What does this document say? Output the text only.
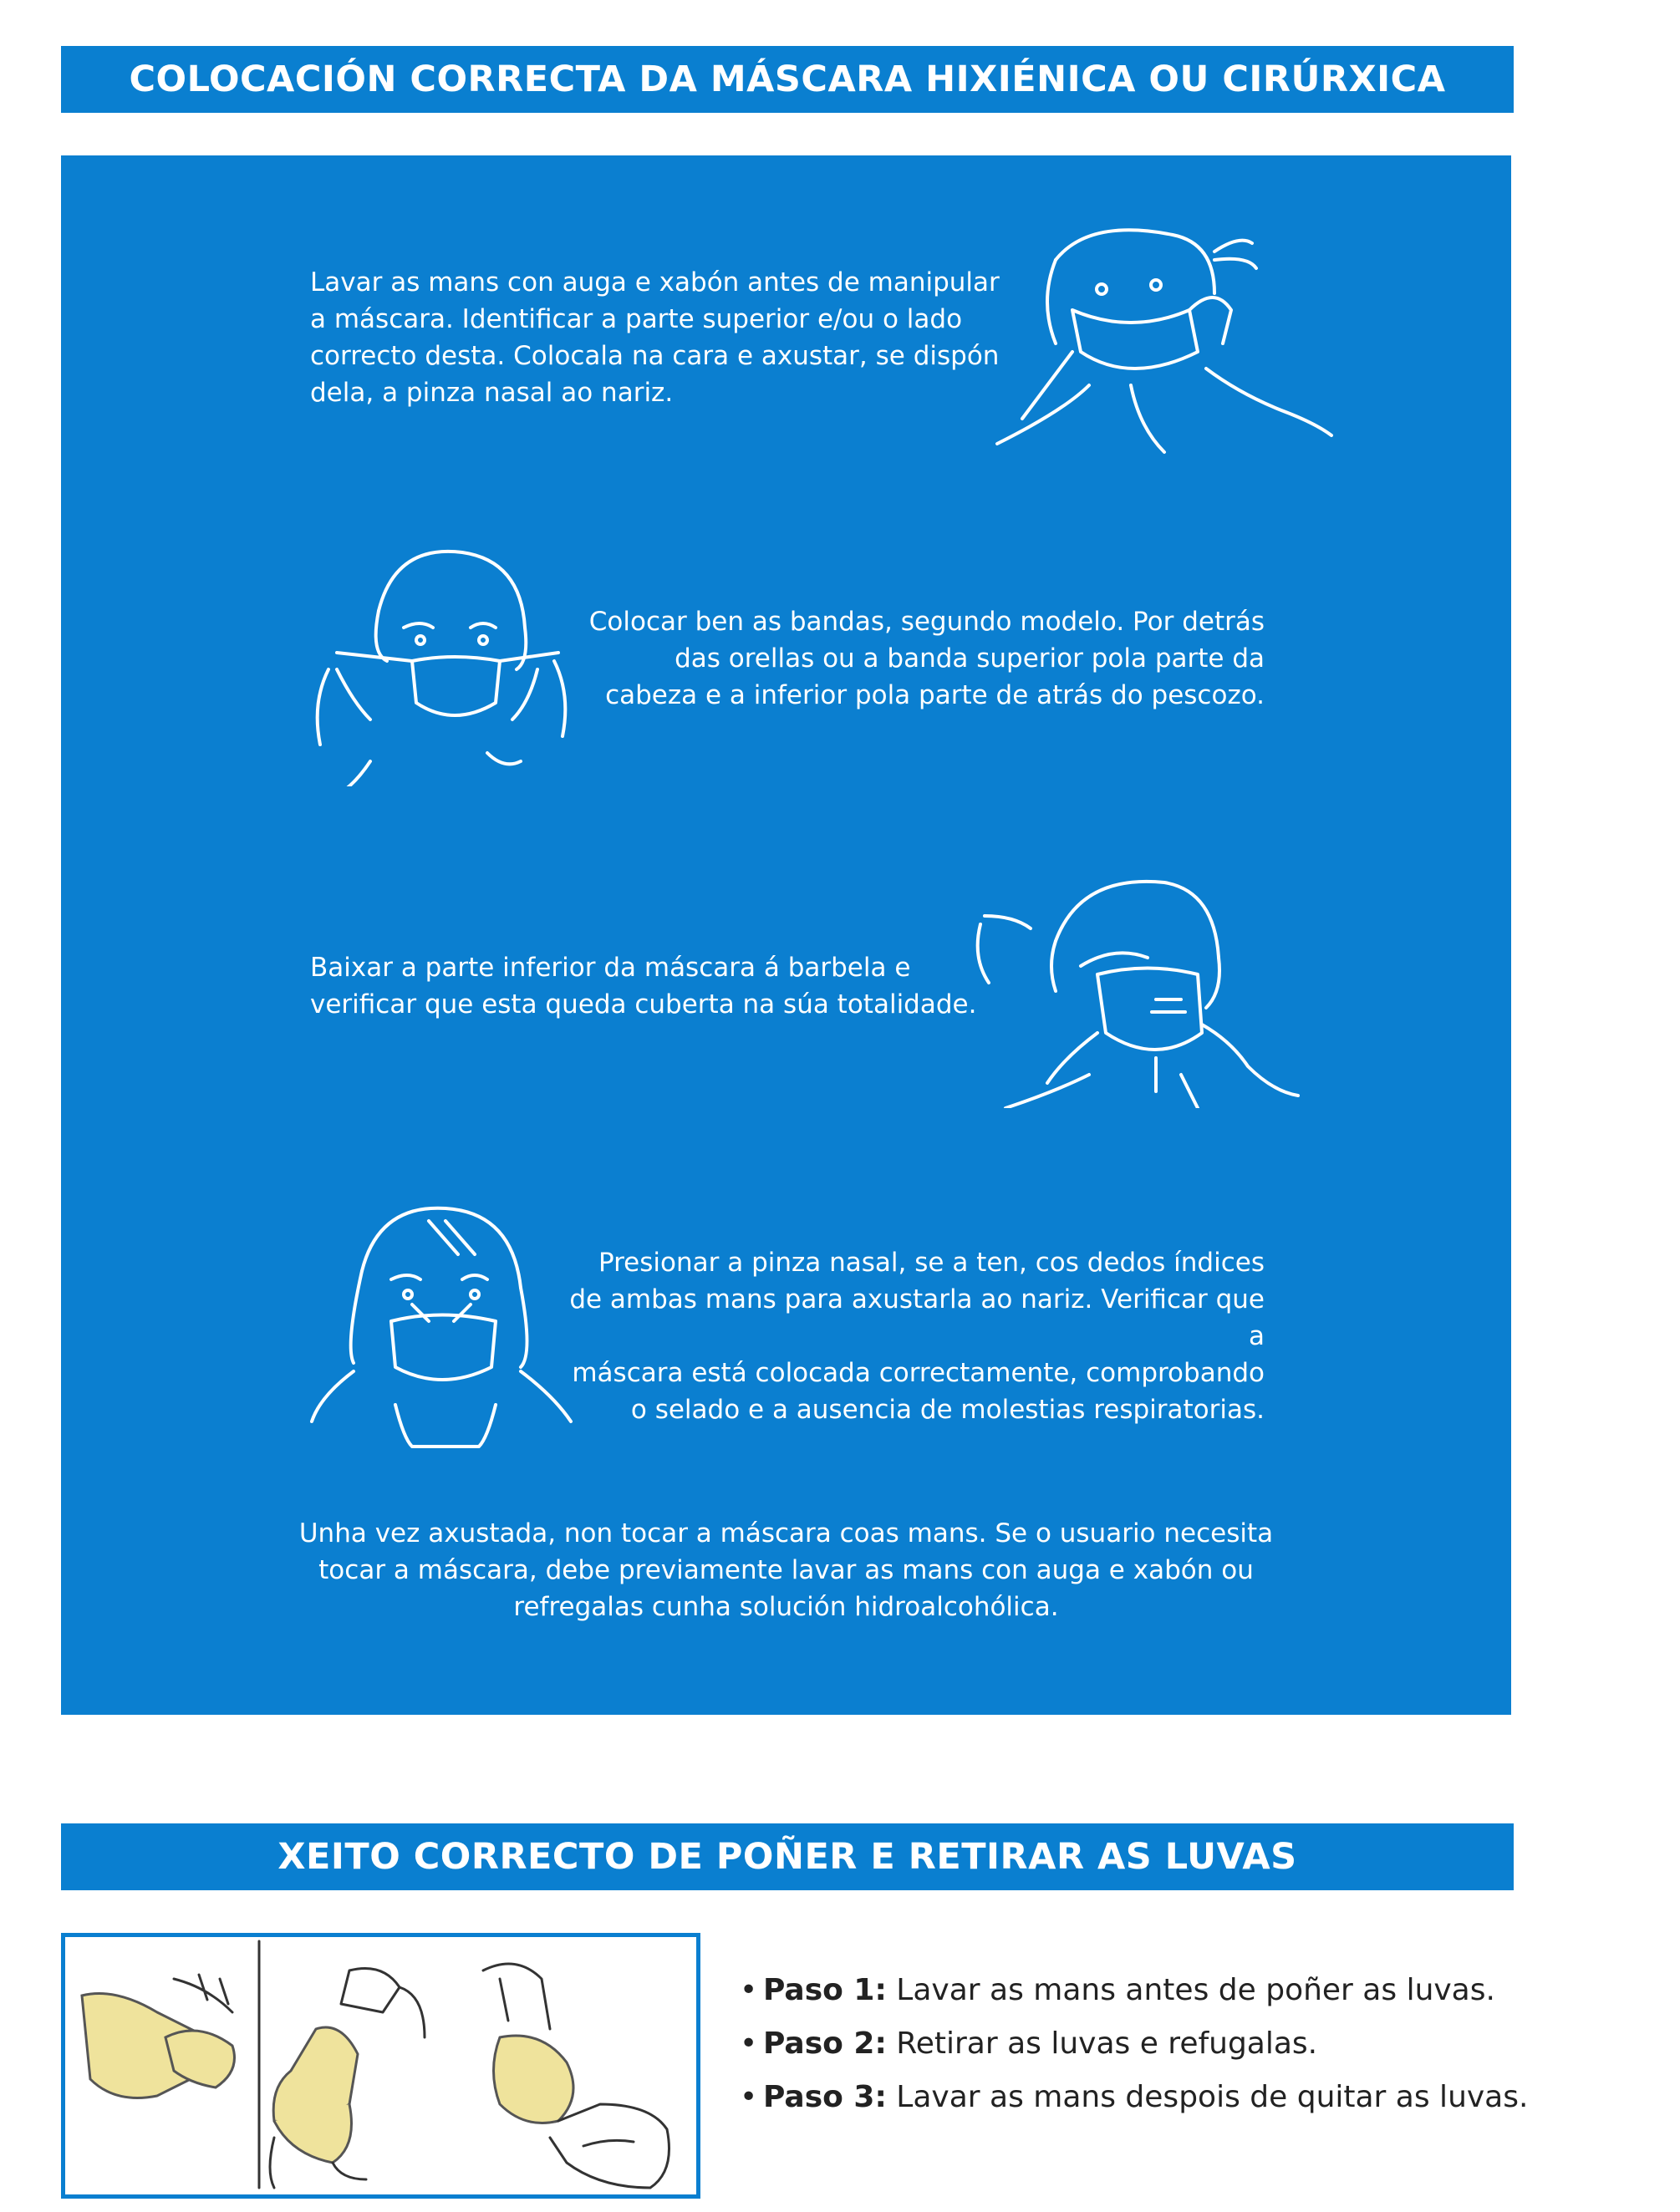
COLOCACIÓN CORRECTA DA MÁSCARA HIXIÉNICA OU CIRÚRXICA
Lavar as mans con auga e xabón antes de manipular
a máscara. Identificar a parte superior e/ou o lado
correcto desta. Colocala na cara e axustar, se dispón
dela, a pinza nasal ao nariz.
Colocar ben as bandas, segundo modelo. Por detrás
das orellas ou a banda superior pola parte da
cabeza e a inferior pola parte de atrás do pescozo.
Baixar a parte inferior da máscara á barbela e
verificar que esta queda cuberta na súa totalidade.
Presionar a pinza nasal, se a ten, cos dedos índices
de ambas mans para axustarla ao nariz. Verificar que a
máscara está colocada correctamente, comprobando
o selado e a ausencia de molestias respiratorias.
Unha vez axustada, non tocar a máscara coas mans. Se o usuario necesita
tocar a máscara, debe previamente lavar as mans con auga e xabón ou
refregalas cunha solución hidroalcohólica.
XEITO CORRECTO DE POÑER E RETIRAR AS LUVAS
• Paso 1: Lavar as mans antes de poñer as luvas.
• Paso 2: Retirar as luvas e refugalas.
• Paso 3: Lavar as mans despois de quitar as luvas.
